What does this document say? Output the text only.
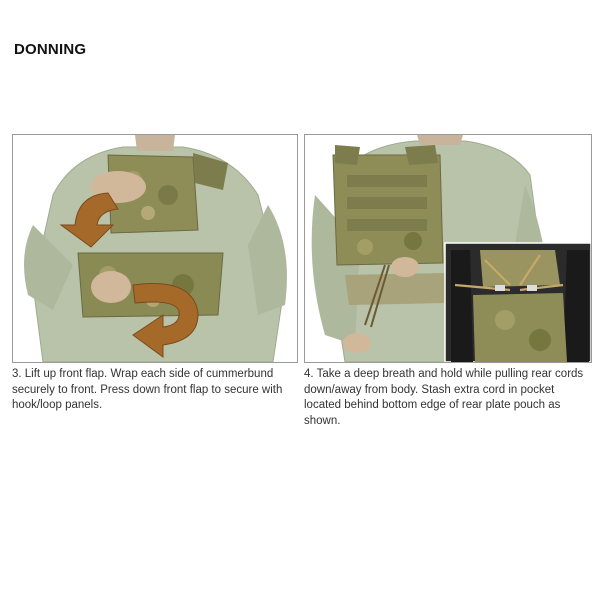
DONNING
3. Lift up front flap. Wrap each side of cummerbund securely to front. Press down front flap to secure with hook/loop panels.
4. Take a deep breath and hold while pulling rear cords down/away from body. Stash extra cord in pocket located behind bottom edge of rear plate pouch as shown.
